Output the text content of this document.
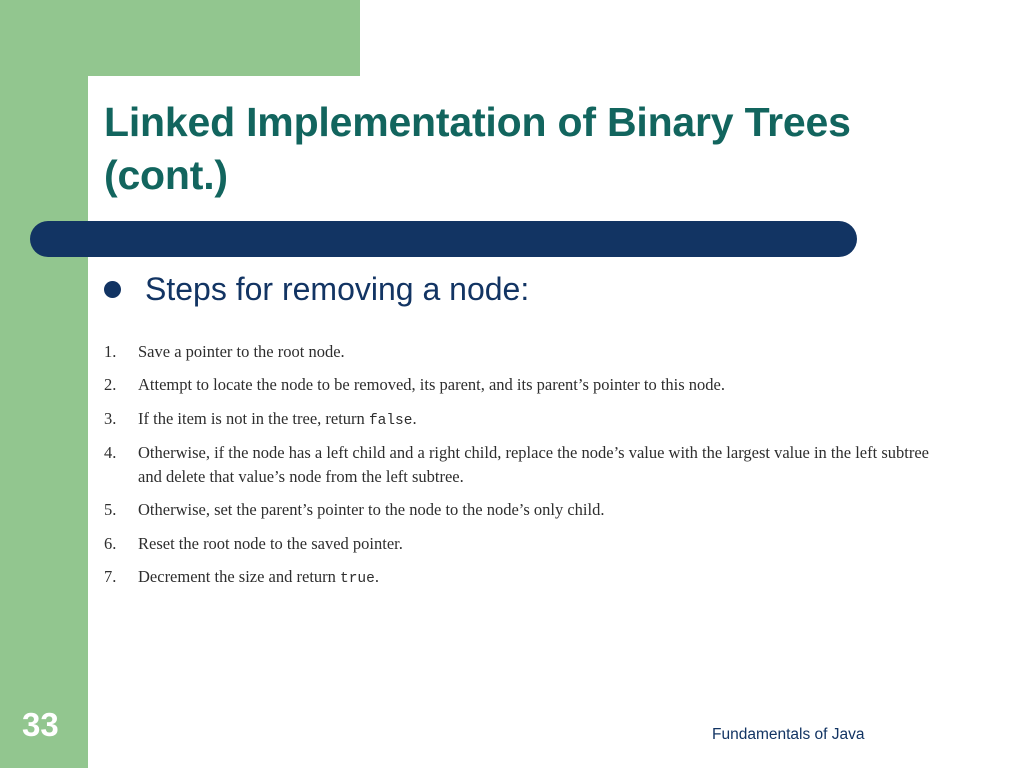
Linked Implementation of Binary Trees (cont.)
Steps for removing a node:
1.	Save a pointer to the root node.
2.	Attempt to locate the node to be removed, its parent, and its parent’s pointer to this node.
3.	If the item is not in the tree, return false.
4.	Otherwise, if the node has a left child and a right child, replace the node’s value with the largest value in the left subtree and delete that value’s node from the left subtree.
5.	Otherwise, set the parent’s pointer to the node to the node’s only child.
6.	Reset the root node to the saved pointer.
7.	Decrement the size and return true.
33	Fundamentals of Java
